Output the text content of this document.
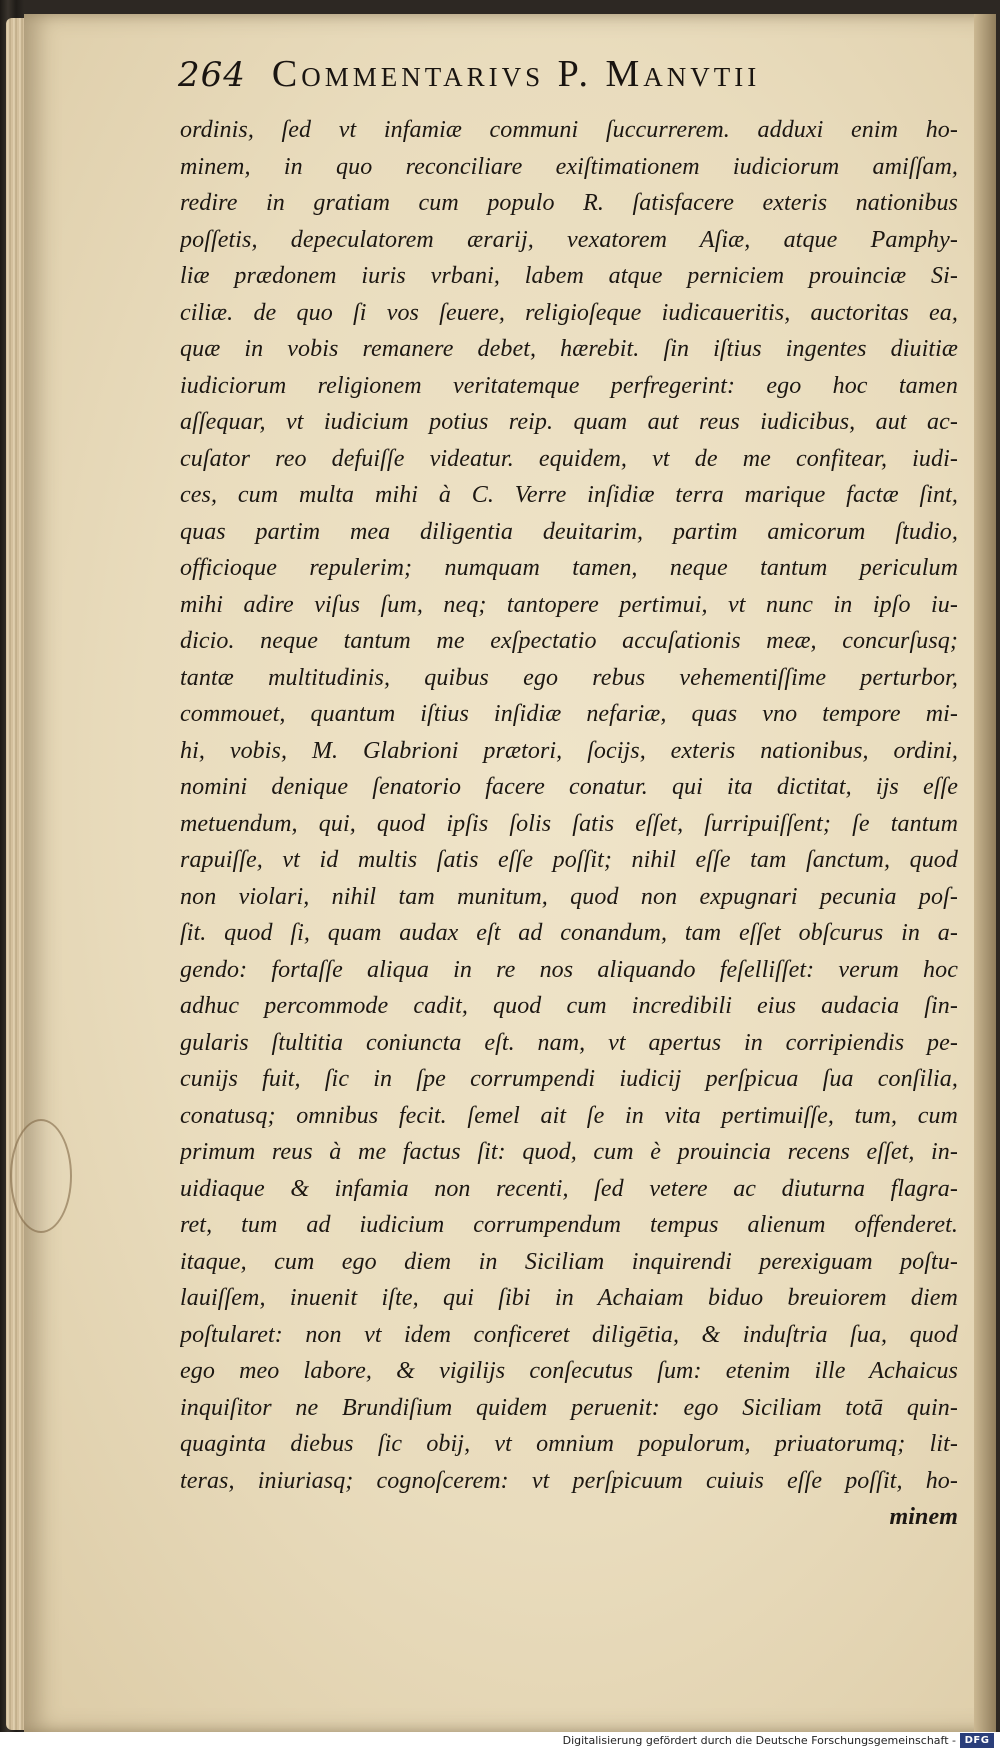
264 Commentarivs P. Manvtii
ordinis, ſed vt infamiæ communi ſuccurrerem. adduxi enim ho-
minem, in quo reconciliare exiſtimationem iudiciorum amiſſam,
redire in gratiam cum populo R. ſatisfacere exteris nationibus
poſſetis, depeculatorem ærarij, vexatorem Aſiæ, atque Pamphy-
liæ prædonem iuris vrbani, labem atque perniciem prouinciæ Si-
ciliæ. de quo ſi vos ſeuere, religioſeque iudicaueritis, auctoritas ea,
quæ in vobis remanere debet, hærebit. ſin iſtius ingentes diuitiæ
iudiciorum religionem veritatemque perfregerint: ego hoc tamen
aſſequar, vt iudicium potius reip. quam aut reus iudicibus, aut ac-
cuſator reo defuiſſe videatur. equidem, vt de me confitear, iudi-
ces, cum multa mihi à C. Verre inſidiæ terra marique factæ ſint,
quas partim mea diligentia deuitarim, partim amicorum ſtudio,
officioque repulerim; numquam tamen, neque tantum periculum
mihi adire viſus ſum, neq; tantopere pertimui, vt nunc in ipſo iu-
dicio. neque tantum me exſpectatio accuſationis meæ, concurſusq;
tantæ multitudinis, quibus ego rebus vehementiſſime perturbor,
commouet, quantum iſtius inſidiæ nefariæ, quas vno tempore mi-
hi, vobis, M. Glabrioni prætori, ſocijs, exteris nationibus, ordini,
nomini denique ſenatorio facere conatur. qui ita dictitat, ijs eſſe
metuendum, qui, quod ipſis ſolis ſatis eſſet, ſurripuiſſent; ſe tantum
rapuiſſe, vt id multis ſatis eſſe poſſit; nihil eſſe tam ſanctum, quod
non violari, nihil tam munitum, quod non expugnari pecunia poſ-
ſit. quod ſi, quam audax eſt ad conandum, tam eſſet obſcurus in a-
gendo: fortaſſe aliqua in re nos aliquando feſelliſſet: verum hoc
adhuc percommode cadit, quod cum incredibili eius audacia ſin-
gularis ſtultitia coniuncta eſt. nam, vt apertus in corripiendis pe-
cunijs fuit, ſic in ſpe corrumpendi iudicij perſpicua ſua conſilia,
conatusq; omnibus fecit. ſemel ait ſe in vita pertimuiſſe, tum, cum
primum reus à me factus ſit: quod, cum è prouincia recens eſſet, in-
uidiaque & infamia non recenti, ſed vetere ac diuturna flagra-
ret, tum ad iudicium corrumpendum tempus alienum offenderet.
itaque, cum ego diem in Siciliam inquirendi perexiguam poſtu-
lauiſſem, inuenit iſte, qui ſibi in Achaiam biduo breuiorem diem
poſtularet: non vt idem conficeret diligētia, & induſtria ſua, quod
ego meo labore, & vigilijs conſecutus ſum: etenim ille Achaicus
inquiſitor ne Brundiſium quidem peruenit: ego Siciliam totā quin-
quaginta diebus ſic obij, vt omnium populorum, priuatorumq; lit-
teras, iniuriasq; cognoſcerem: vt perſpicuum cuiuis eſſe poſſit, ho-
minem
Digitalisierung gefördert durch die Deutsche Forschungsgemeinschaft - DFG
